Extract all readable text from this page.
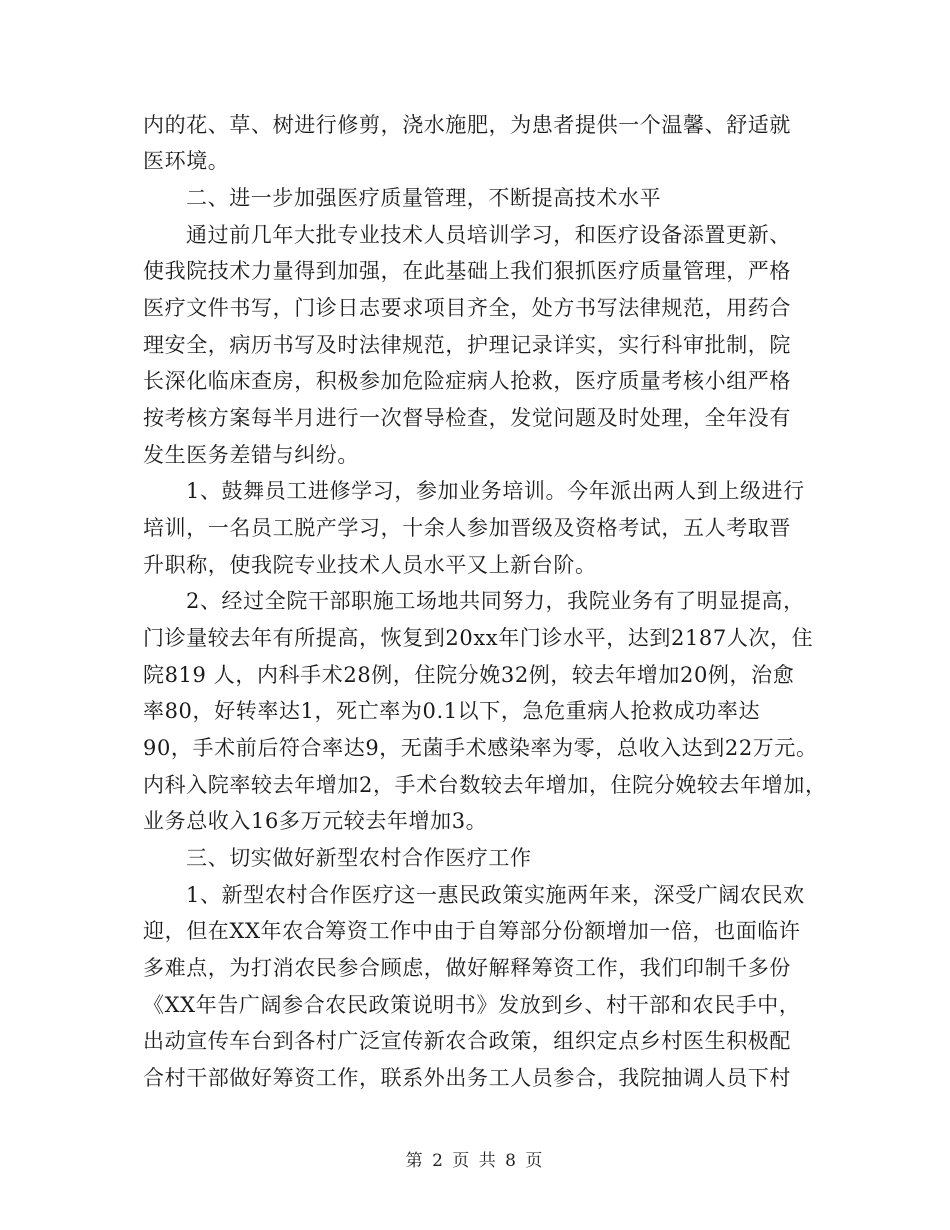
内的花、草、树进行修剪，浇水施肥，为患者提供一个温馨、舒适就
医环境。
二、进一步加强医疗质量管理，不断提高技术水平
通过前几年大批专业技术人员培训学习，和医疗设备添置更新、
使我院技术力量得到加强，在此基础上我们狠抓医疗质量管理，严格
医疗文件书写，门诊日志要求项目齐全，处方书写法律规范，用药合
理安全，病历书写及时法律规范，护理记录详实，实行科审批制，院
长深化临床查房，积极参加危险症病人抢救，医疗质量考核小组严格
按考核方案每半月进行一次督导检查，发觉问题及时处理，全年没有
发生医务差错与纠纷。
1、鼓舞员工进修学习，参加业务培训。今年派出两人到上级进行
培训，一名员工脱产学习，十余人参加晋级及资格考试，五人考取晋
升职称，使我院专业技术人员水平又上新台阶。
2、经过全院干部职施工场地共同努力，我院业务有了明显提高，
门诊量较去年有所提高，恢复到20xx年门诊水平，达到2187人次，住
院819 人，内科手术28例，住院分娩32例，较去年增加20例，治愈
率80，好转率达1，死亡率为0.1以下，急危重病人抢救成功率达
90，手术前后符合率达9，无菌手术感染率为零，总收入达到22万元。
内科入院率较去年增加2，手术台数较去年增加，住院分娩较去年增加，
业务总收入16多万元较去年增加3。
三、切实做好新型农村合作医疗工作
1、新型农村合作医疗这一惠民政策实施两年来，深受广阔农民欢
迎，但在XX年农合筹资工作中由于自筹部分份额增加一倍，也面临许
多难点，为打消农民参合顾虑，做好解释筹资工作，我们印制千多份
《XX年告广阔参合农民政策说明书》发放到乡、村干部和农民手中，
出动宣传车台到各村广泛宣传新农合政策，组织定点乡村医生积极配
合村干部做好筹资工作，联系外出务工人员参合，我院抽调人员下村
第 2 页 共 8 页
